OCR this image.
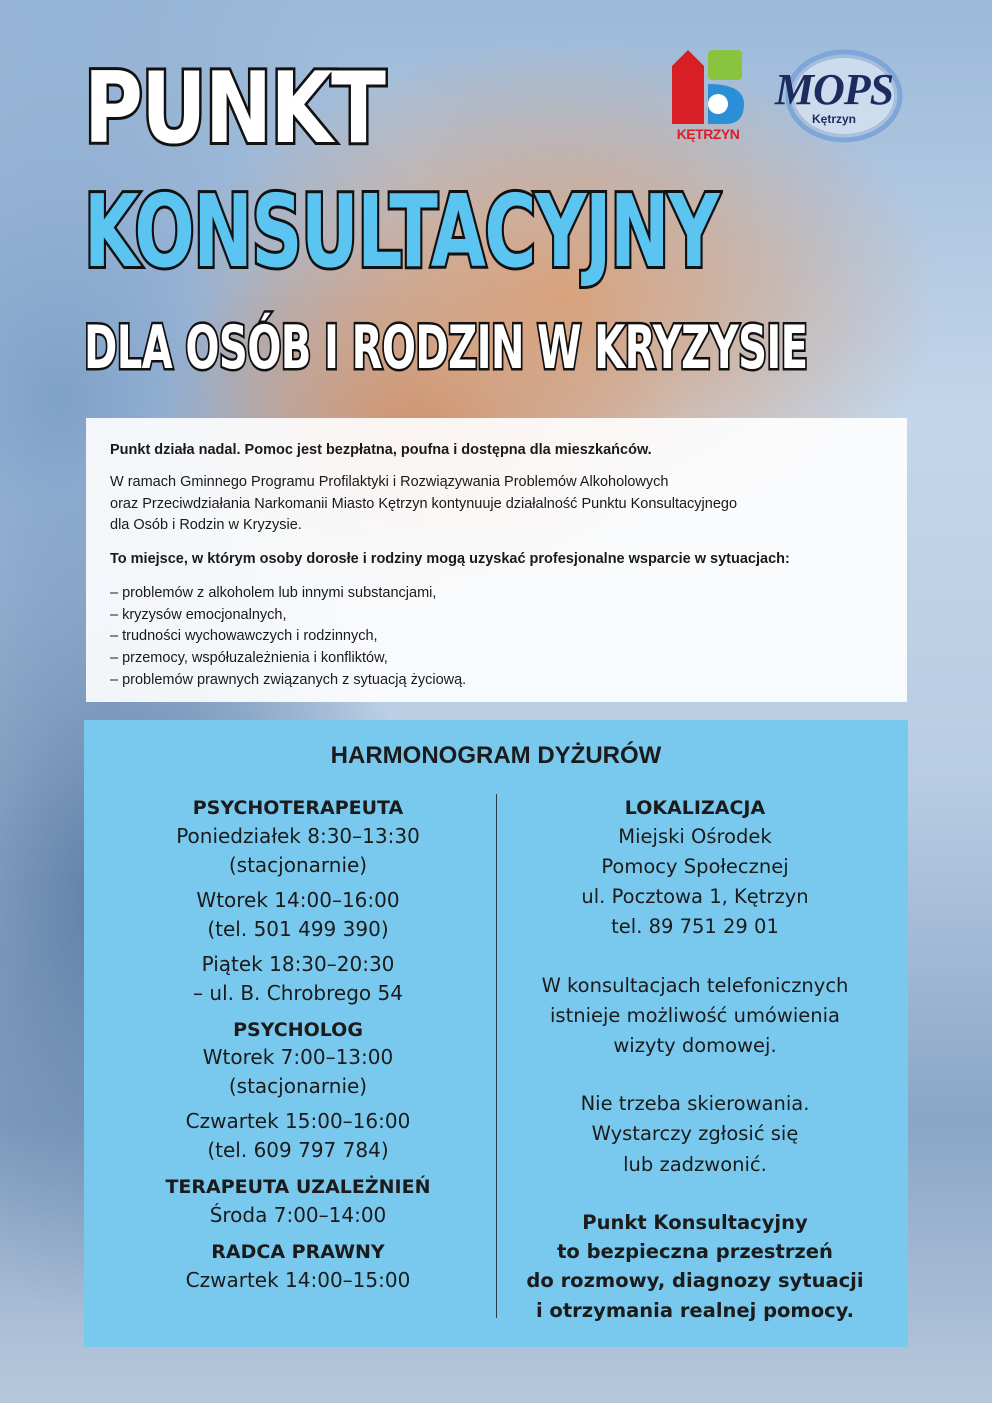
PUNKT
KONSULTACYJNY
DLA OSÓB I RODZIN W KRYZYSIE
KĘTRZYN
MOPS
Kętrzyn

Punkt działa nadal. Pomoc jest bezpłatna, poufna i dostępna dla mieszkańców.

W ramach Gminnego Programu Profilaktyki i Rozwiązywania Problemów Alkoholowych
oraz Przeciwdziałania Narkomanii Miasto Kętrzyn kontynuuje działalność Punktu Konsultacyjnego
dla Osób i Rodzin w Kryzysie.

To miejsce, w którym osoby dorosłe i rodziny mogą uzyskać profesjonalne wsparcie w sytuacjach:

– problemów z alkoholem lub innymi substancjami,
– kryzysów emocjonalnych,
– trudności wychowawczych i rodzinnych,
– przemocy, współuzależnienia i konfliktów,
– problemów prawnych związanych z sytuacją życiową.
HARMONOGRAM DYŻURÓW

PSYCHOTERAPEUTA

Poniedziałek 8:30–13:30

(stacjonarnie)

Wtorek 14:00–16:00

(tel. 501 499 390)

Piątek 18:30–20:30

– ul. B. Chrobrego 54

PSYCHOLOG

Wtorek 7:00–13:00

(stacjonarnie)

Czwartek 15:00–16:00

(tel. 609 797 784)

TERAPEUTA UZALEŻNIEŃ

Środa 7:00–14:00

RADCA PRAWNY

Czwartek 14:00–15:00

LOKALIZACJA

Miejski Ośrodek

Pomocy Społecznej

ul. Pocztowa 1, Kętrzyn

tel. 89 751 29 01

W konsultacjach telefonicznych

istnieje możliwość umówienia

wizyty domowej.

Nie trzeba skierowania.

Wystarczy zgłosić się

lub zadzwonić.

Punkt Konsultacyjny

to bezpieczna przestrzeń

do rozmowy, diagnozy sytuacji

i otrzymania realnej pomocy.
